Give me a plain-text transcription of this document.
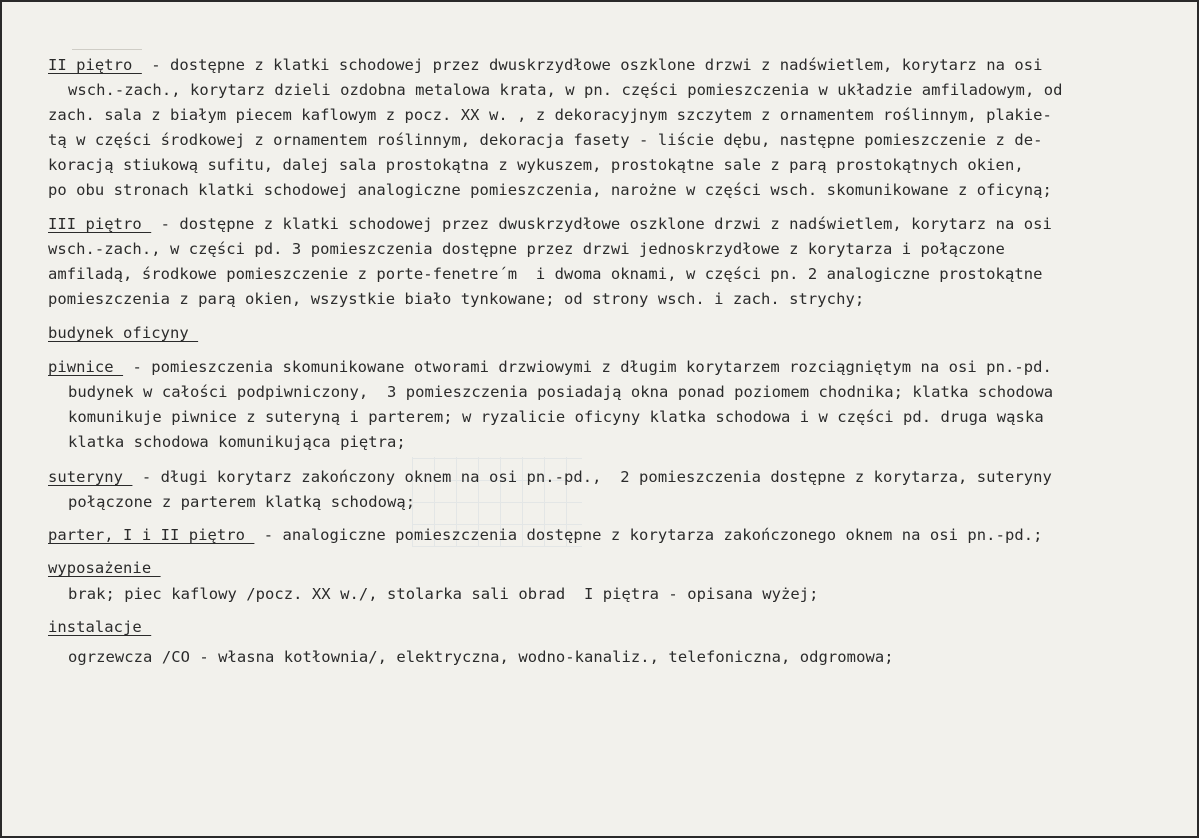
II piętro  - dostępne z klatki schodowej przez dwuskrzydłowe oszklone drzwi z nadświetlem, korytarz na osi
wsch.-zach., korytarz dzieli ozdobna metalowa krata, w pn. części pomieszczenia w układzie amfiladowym, od
zach. sala z białym piecem kaflowym z pocz. XX w. , z dekoracyjnym szczytem z ornamentem roślinnym, plakie-
tą w części środkowej z ornamentem roślinnym, dekoracja fasety - liście dębu, następne pomieszczenie z de-
koracją stiukową sufitu, dalej sala prostokątna z wykuszem, prostokątne sale z parą prostokątnych okien,
po obu stronach klatki schodowej analogiczne pomieszczenia, narożne w części wsch. skomunikowane z oficyną;
III piętro  - dostępne z klatki schodowej przez dwuskrzydłowe oszklone drzwi z nadświetlem, korytarz na osi
wsch.-zach., w części pd. 3 pomieszczenia dostępne przez drzwi jednoskrzydłowe z korytarza i połączone
amfiladą, środkowe pomieszczenie z porte-fenetre´m  i dwoma oknami, w części pn. 2 analogiczne prostokątne
pomieszczenia z parą okien, wszystkie biało tynkowane; od strony wsch. i zach. strychy;
budynek oficyny
piwnice  - pomieszczenia skomunikowane otworami drzwiowymi z długim korytarzem rozciągniętym na osi pn.-pd.
budynek w całości podpiwniczony,  3 pomieszczenia posiadają okna ponad poziomem chodnika; klatka schodowa
komunikuje piwnice z suteryną i parterem; w ryzalicie oficyny klatka schodowa i w części pd. druga wąska
klatka schodowa komunikująca piętra;
suteryny  - długi korytarz zakończony oknem na osi pn.-pd.,  2 pomieszczenia dostępne z korytarza, suteryny
połączone z parterem klatką schodową;
parter, I i II piętro  - analogiczne pomieszczenia dostępne z korytarza zakończonego oknem na osi pn.-pd.;
wyposażenie
brak; piec kaflowy /pocz. XX w./, stolarka sali obrad  I piętra - opisana wyżej;
instalacje
ogrzewcza /CO - własna kotłownia/, elektryczna, wodno-kanaliz., telefoniczna, odgromowa;
